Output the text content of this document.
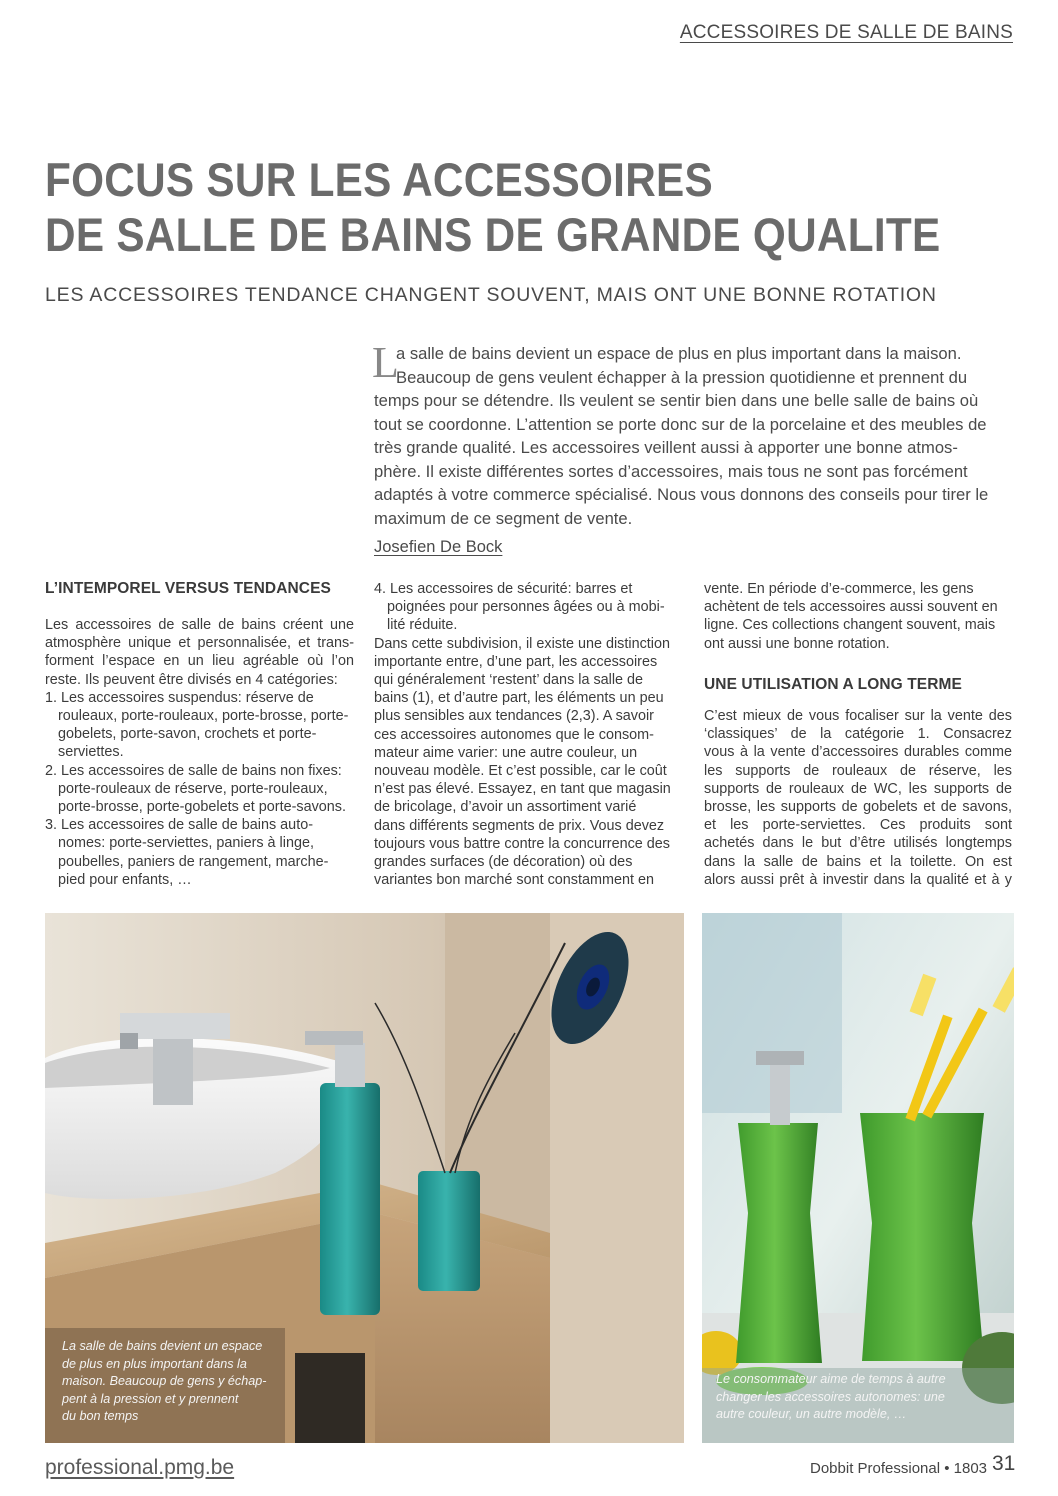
ACCESSOIRES DE SALLE DE BAINS
FOCUS SUR LES ACCESSOIRES
DE SALLE DE BAINS DE GRANDE QUALITE
LES ACCESSOIRES TENDANCE CHANGENT SOUVENT, MAIS ONT UNE BONNE ROTATION
L
a salle de bains devient un espace de plus en plus important dans la maison.
Beaucoup de gens veulent échapper à la pression quotidienne et prennent du
temps pour se détendre. Ils veulent se sentir bien dans une belle salle de bains où
tout se coordonne. L’attention se porte donc sur de la porcelaine et des meubles de
très grande qualité. Les accessoires veillent aussi à apporter une bonne atmos-
phère. Il existe différentes sortes d’accessoires, mais tous ne sont pas forcément
adaptés à votre commerce spécialisé. Nous vous donnons des conseils pour tirer le
maximum de ce segment de vente.
Josefien De Bock
L’INTEMPOREL VERSUS TENDANCES
Les accessoires de salle de bains créent une
atmosphère unique et personnalisée, et trans-
forment l’espace en un lieu agréable où l’on
reste. Ils peuvent être divisés en 4 catégories:
1. Les accessoires suspendus: réserve de
rouleaux, porte-rouleaux, porte-brosse, porte-
gobelets, porte-savon, crochets et porte-
serviettes.
2. Les accessoires de salle de bains non fixes:
porte-rouleaux de réserve, porte-rouleaux,
porte-brosse, porte-gobelets et porte-savons.
3. Les accessoires de salle de bains auto-
nomes: porte-serviettes, paniers à linge,
poubelles, paniers de rangement, marche-
pied pour enfants, …
4. Les accessoires de sécurité: barres et
poignées pour personnes âgées ou à mobi-
lité réduite.
Dans cette subdivision, il existe une distinction
importante entre, d’une part, les accessoires
qui généralement ‘restent’ dans la salle de
bains (1), et d’autre part, les éléments un peu
plus sensibles aux tendances (2,3). A savoir
ces accessoires autonomes que le consom-
mateur aime varier: une autre couleur, un
nouveau modèle. Et c’est possible, car le coût
n’est pas élevé. Essayez, en tant que magasin
de bricolage, d’avoir un assortiment varié
dans différents segments de prix. Vous devez
toujours vous battre contre la concurrence des
grandes surfaces (de décoration) où des
variantes bon marché sont constamment en
vente. En période d’e-commerce, les gens
achètent de tels accessoires aussi souvent en
ligne. Ces collections changent souvent, mais
ont aussi une bonne rotation.
UNE UTILISATION A LONG TERME
C’est mieux de vous focaliser sur la vente des
‘classiques’ de la catégorie 1. Consacrez
vous à la vente d’accessoires durables comme
les supports de rouleaux de réserve, les
supports de rouleaux de WC, les supports de
brosse, les supports de gobelets et de savons,
et les porte-serviettes. Ces produits sont
achetés dans le but d’être utilisés longtemps
dans la salle de bains et la toilette. On est
alors aussi prêt à investir dans la qualité et à y
La salle de bains devient un espace
de plus en plus important dans la
maison. Beaucoup de gens y échap-
pent à la pression et y prennent
du bon temps
Le consommateur aime de temps à autre
changer les accessoires autonomes: une
autre couleur, un autre modèle, …
professional.pmg.be	Dobbit Professional • 1803 31
